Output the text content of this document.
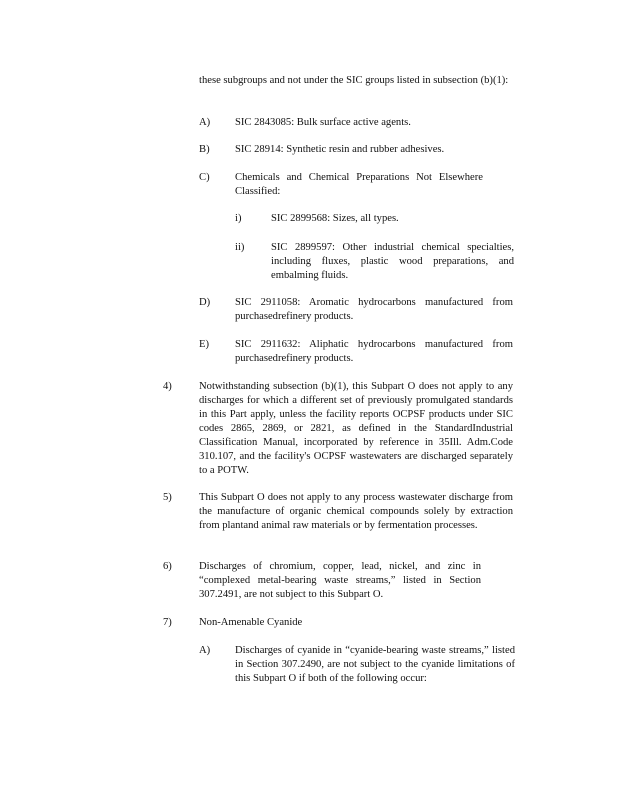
these subgroups and not under the SIC groups listed in subsection (b)(1):
A) SIC 2843085: Bulk surface active agents.
B) SIC 28914: Synthetic resin and rubber adhesives.
C) Chemicals and Chemical Preparations Not Elsewhere Classified:
i)	SIC 2899568: Sizes, all types.
ii)	SIC 2899597: Other industrial chemical specialties, including fluxes, plastic wood preparations, and embalming fluids.
D) SIC 2911058: Aromatic hydrocarbons manufactured from purchasedrefinery products.
E) SIC 2911632: Aliphatic hydrocarbons manufactured from purchasedrefinery products.
4)	Notwithstanding subsection (b)(1), this Subpart O does not apply to any discharges for which a different set of previously promulgated standards in this Part apply, unless the facility reports OCPSF products under SIC codes 2865, 2869, or 2821, as defined in the StandardIndustrial Classification Manual, incorporated by reference in 35Ill. Adm.Code 310.107, and the facility's OCPSF wastewaters are discharged separately to a POTW.
5)	This Subpart O does not apply to any process wastewater discharge from the manufacture of organic chemical compounds solely by extraction from plantand animal raw materials or by fermentation processes.
6)	Discharges of chromium, copper, lead, nickel, and zinc in “complexed metal-bearing waste streams,” listed in Section 307.2491, are not subject to this Subpart O.
7)	Non-Amenable Cyanide
A) Discharges of cyanide in “cyanide-bearing waste streams,” listed in Section 307.2490, are not subject to the cyanide limitations of this Subpart O if both of the following occur:
